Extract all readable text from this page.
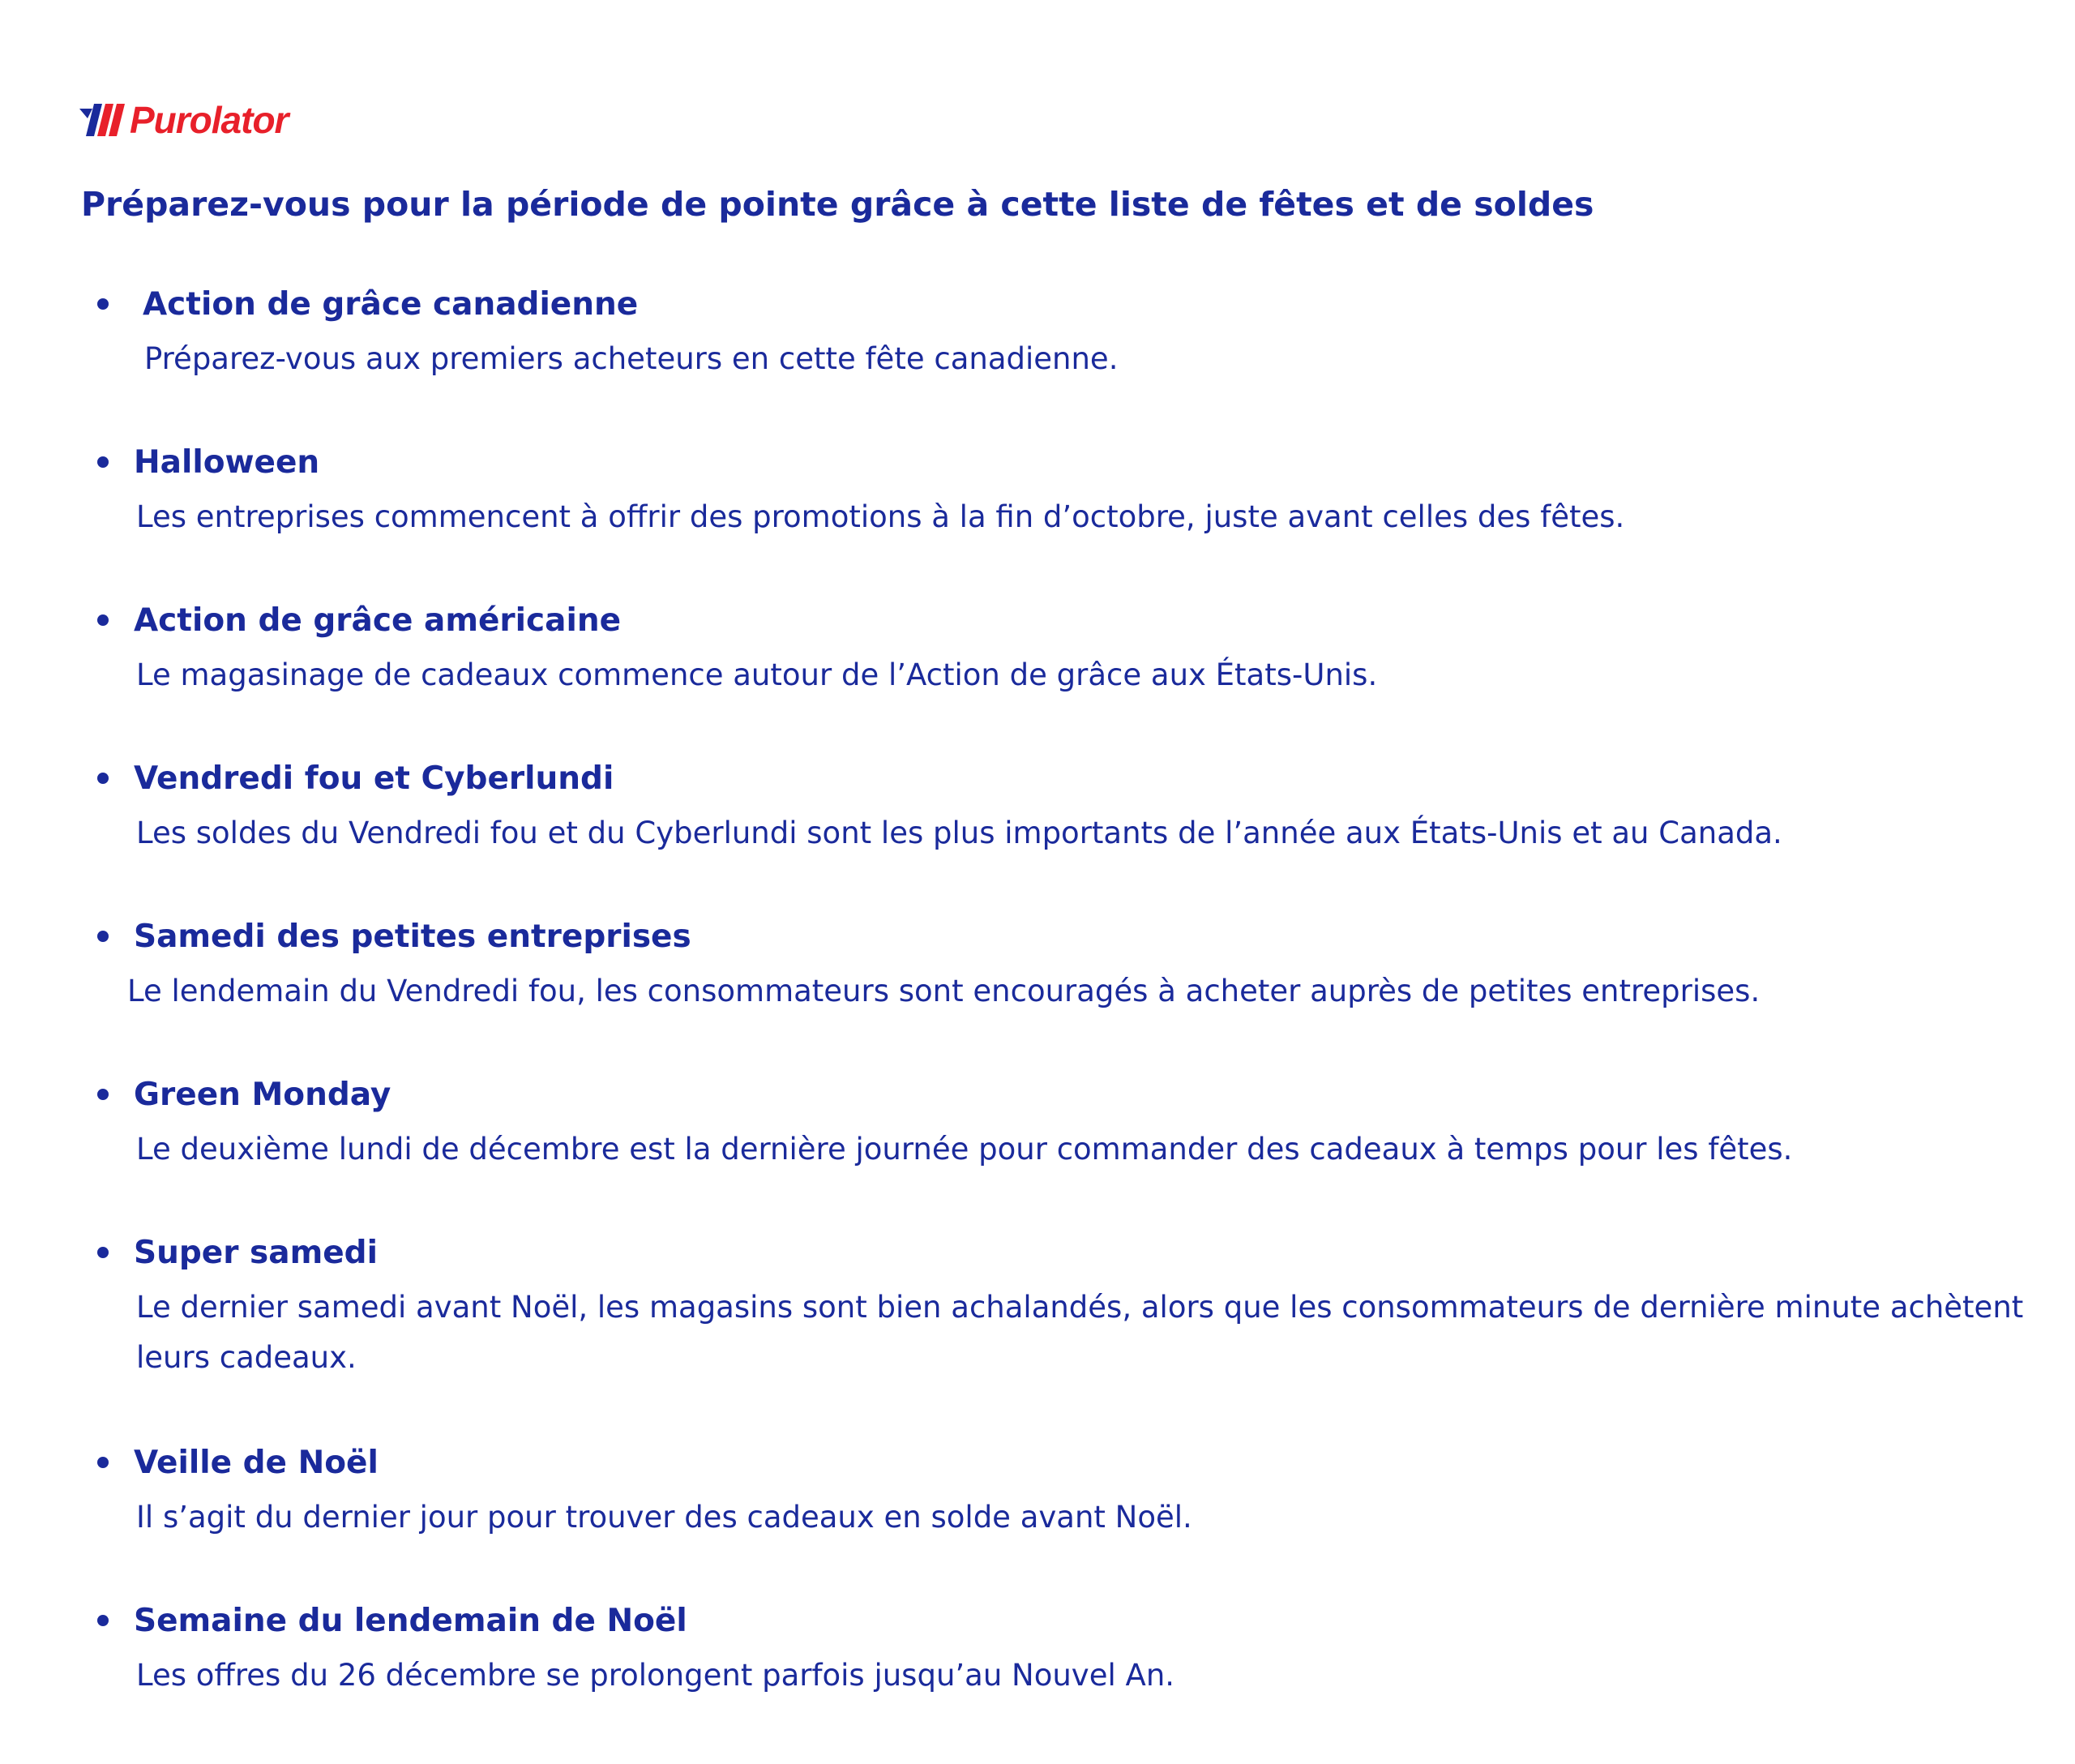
Purolator
Préparez-vous pour la période de pointe grâce à cette liste de fêtes et de soldes
Action de grâce canadienne
Préparez-vous aux premiers acheteurs en cette fête canadienne.
Halloween
Les entreprises commencent à offrir des promotions à la fin d’octobre, juste avant celles des fêtes.
Action de grâce américaine
Le magasinage de cadeaux commence autour de l’Action de grâce aux États-Unis.
Vendredi fou et Cyberlundi
Les soldes du Vendredi fou et du Cyberlundi sont les plus importants de l’année aux États-Unis et au Canada.
Samedi des petites entreprises
Le lendemain du Vendredi fou, les consommateurs sont encouragés à acheter auprès de petites entreprises.
Green Monday
Le deuxième lundi de décembre est la dernière journée pour commander des cadeaux à temps pour les fêtes.
Super samedi
Le dernier samedi avant Noël, les magasins sont bien achalandés, alors que les consommateurs de dernière minute achètent leurs cadeaux.
Veille de Noël
Il s’agit du dernier jour pour trouver des cadeaux en solde avant Noël.
Semaine du lendemain de Noël
Les offres du 26 décembre se prolongent parfois jusqu’au Nouvel An.
